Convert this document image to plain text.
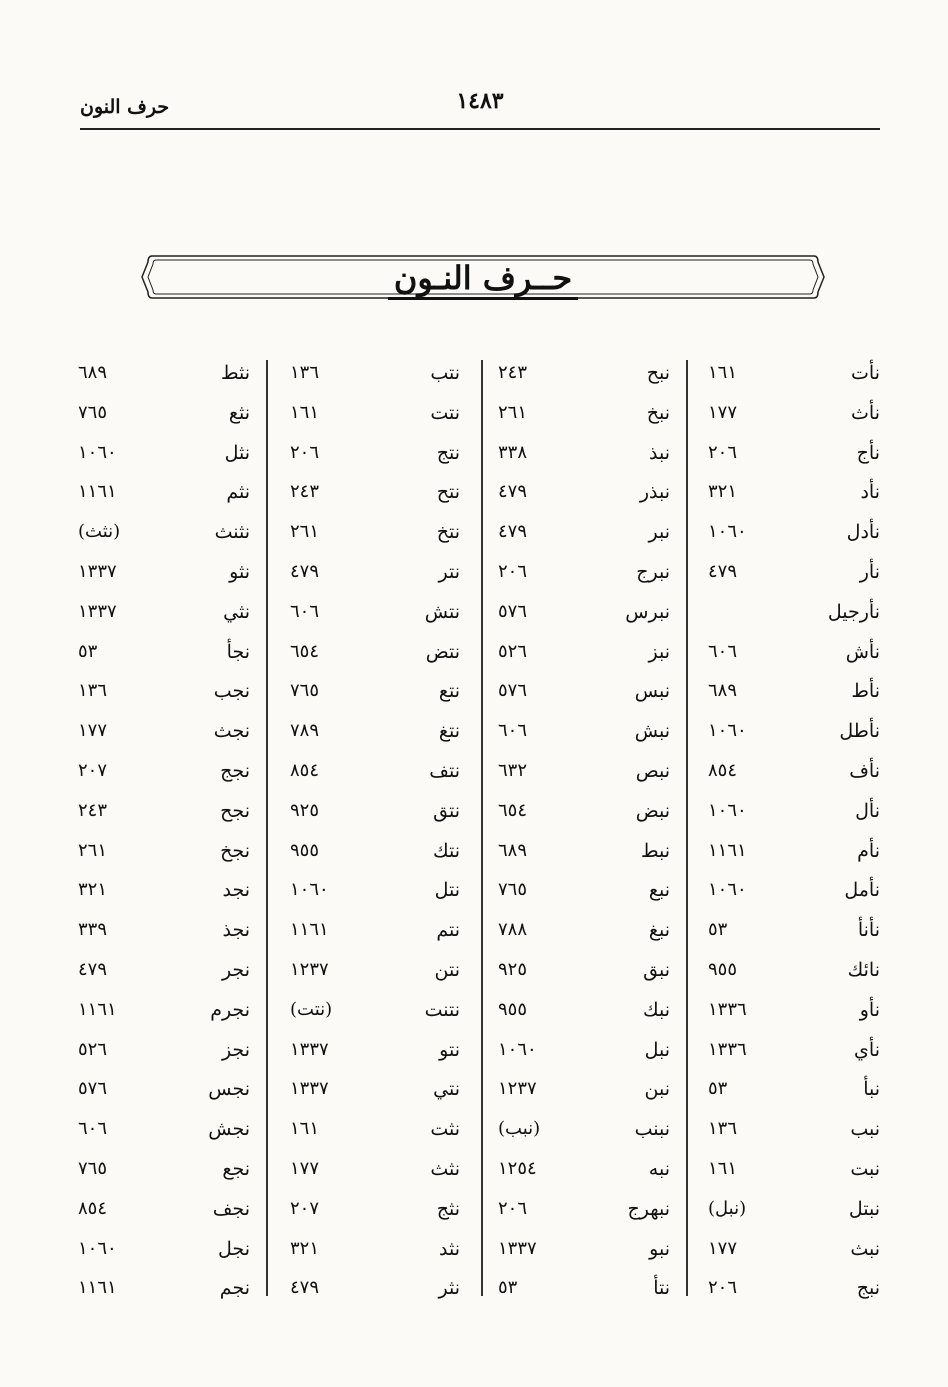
١٤٨٣
حرف النون
حــرف النـون
نأت
١٦١
نأث
١٧٧
نأج
٢٠٦
نأد
٣٢١
نأدل
١٠٦٠
نأر
٤٧٩
نأرجيل
نأش
٦٠٦
نأط
٦٨٩
نأطل
١٠٦٠
نأف
٨٥٤
نأل
١٠٦٠
نأم
١١٦١
نأمل
١٠٦٠
نأنأ
٥٣
نائك
٩٥٥
نأو
١٣٣٦
نأي
١٣٣٦
نبأ
٥٣
نبب
١٣٦
نبت
١٦١
نبتل
(نبل)
نبث
١٧٧
نبج
٢٠٦
نبح
٢٤٣
نبخ
٢٦١
نبذ
٣٣٨
نبذر
٤٧٩
نبر
٤٧٩
نبرج
٢٠٦
نبرس
٥٧٦
نبز
٥٢٦
نبس
٥٧٦
نبش
٦٠٦
نبص
٦٣٢
نبض
٦٥٤
نبط
٦٨٩
نبع
٧٦٥
نبغ
٧٨٨
نبق
٩٢٥
نبك
٩٥٥
نبل
١٠٦٠
نبن
١٢٣٧
نبنب
(نبب)
نبه
١٢٥٤
نبهرج
٢٠٦
نبو
١٣٣٧
نتأ
٥٣
نتب
١٣٦
نتت
١٦١
نتج
٢٠٦
نتح
٢٤٣
نتخ
٢٦١
نتر
٤٧٩
نتش
٦٠٦
نتض
٦٥٤
نتع
٧٦٥
نتغ
٧٨٩
نتف
٨٥٤
نتق
٩٢٥
نتك
٩٥٥
نتل
١٠٦٠
نتم
١١٦١
نتن
١٢٣٧
نتنت
(نتت)
نتو
١٣٣٧
نتي
١٣٣٧
نثت
١٦١
نثث
١٧٧
نثج
٢٠٧
نثد
٣٢١
نثر
٤٧٩
نثط
٦٨٩
نثع
٧٦٥
نثل
١٠٦٠
نثم
١١٦١
نثنث
(نثث)
نثو
١٣٣٧
نثي
١٣٣٧
نجأ
٥٣
نجب
١٣٦
نجث
١٧٧
نجج
٢٠٧
نجح
٢٤٣
نجخ
٢٦١
نجد
٣٢١
نجذ
٣٣٩
نجر
٤٧٩
نجرم
١١٦١
نجز
٥٢٦
نجس
٥٧٦
نجش
٦٠٦
نجع
٧٦٥
نجف
٨٥٤
نجل
١٠٦٠
نجم
١١٦١
